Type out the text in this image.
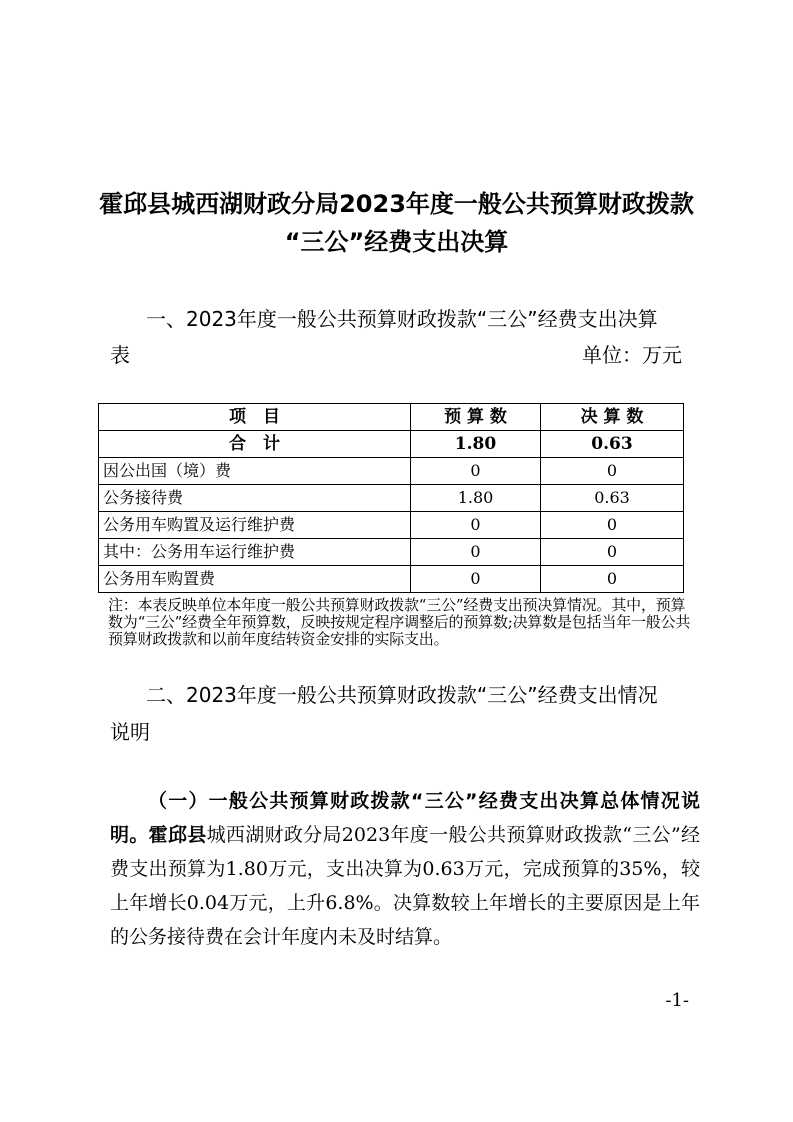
霍邱县城西湖财政分局2023年度一般公共预算财政拨款
“三公”经费支出决算
一、2023年度一般公共预算财政拨款“三公”经费支出决算
表	单位：万元
项　目	预 算 数	决 算 数
合　计	1.80	0.63
因公出国（境）费	0	0
公务接待费	1.80	0.63
公务用车购置及运行维护费	0	0
其中：公务用车运行维护费	0	0
公务用车购置费	0	0
注：本表反映单位本年度一般公共预算财政拨款“三公”经费支出预决算情况。其中，预算数为“三公”经费全年预算数，反映按规定程序调整后的预算数;决算数是包括当年一般公共预算财政拨款和以前年度结转资金安排的实际支出。
二、2023年度一般公共预算财政拨款“三公”经费支出情况
说明
（一）一般公共预算财政拨款“三公”经费支出决算总体情况说明。霍邱县城西湖财政分局2023年度一般公共预算财政拨款“三公”经费支出预算为1.80万元，支出决算为0.63万元，完成预算的35%，较上年增长0.04万元，上升6.8%。决算数较上年增长的主要原因是上年的公务接待费在会计年度内未及时结算。
-1-
